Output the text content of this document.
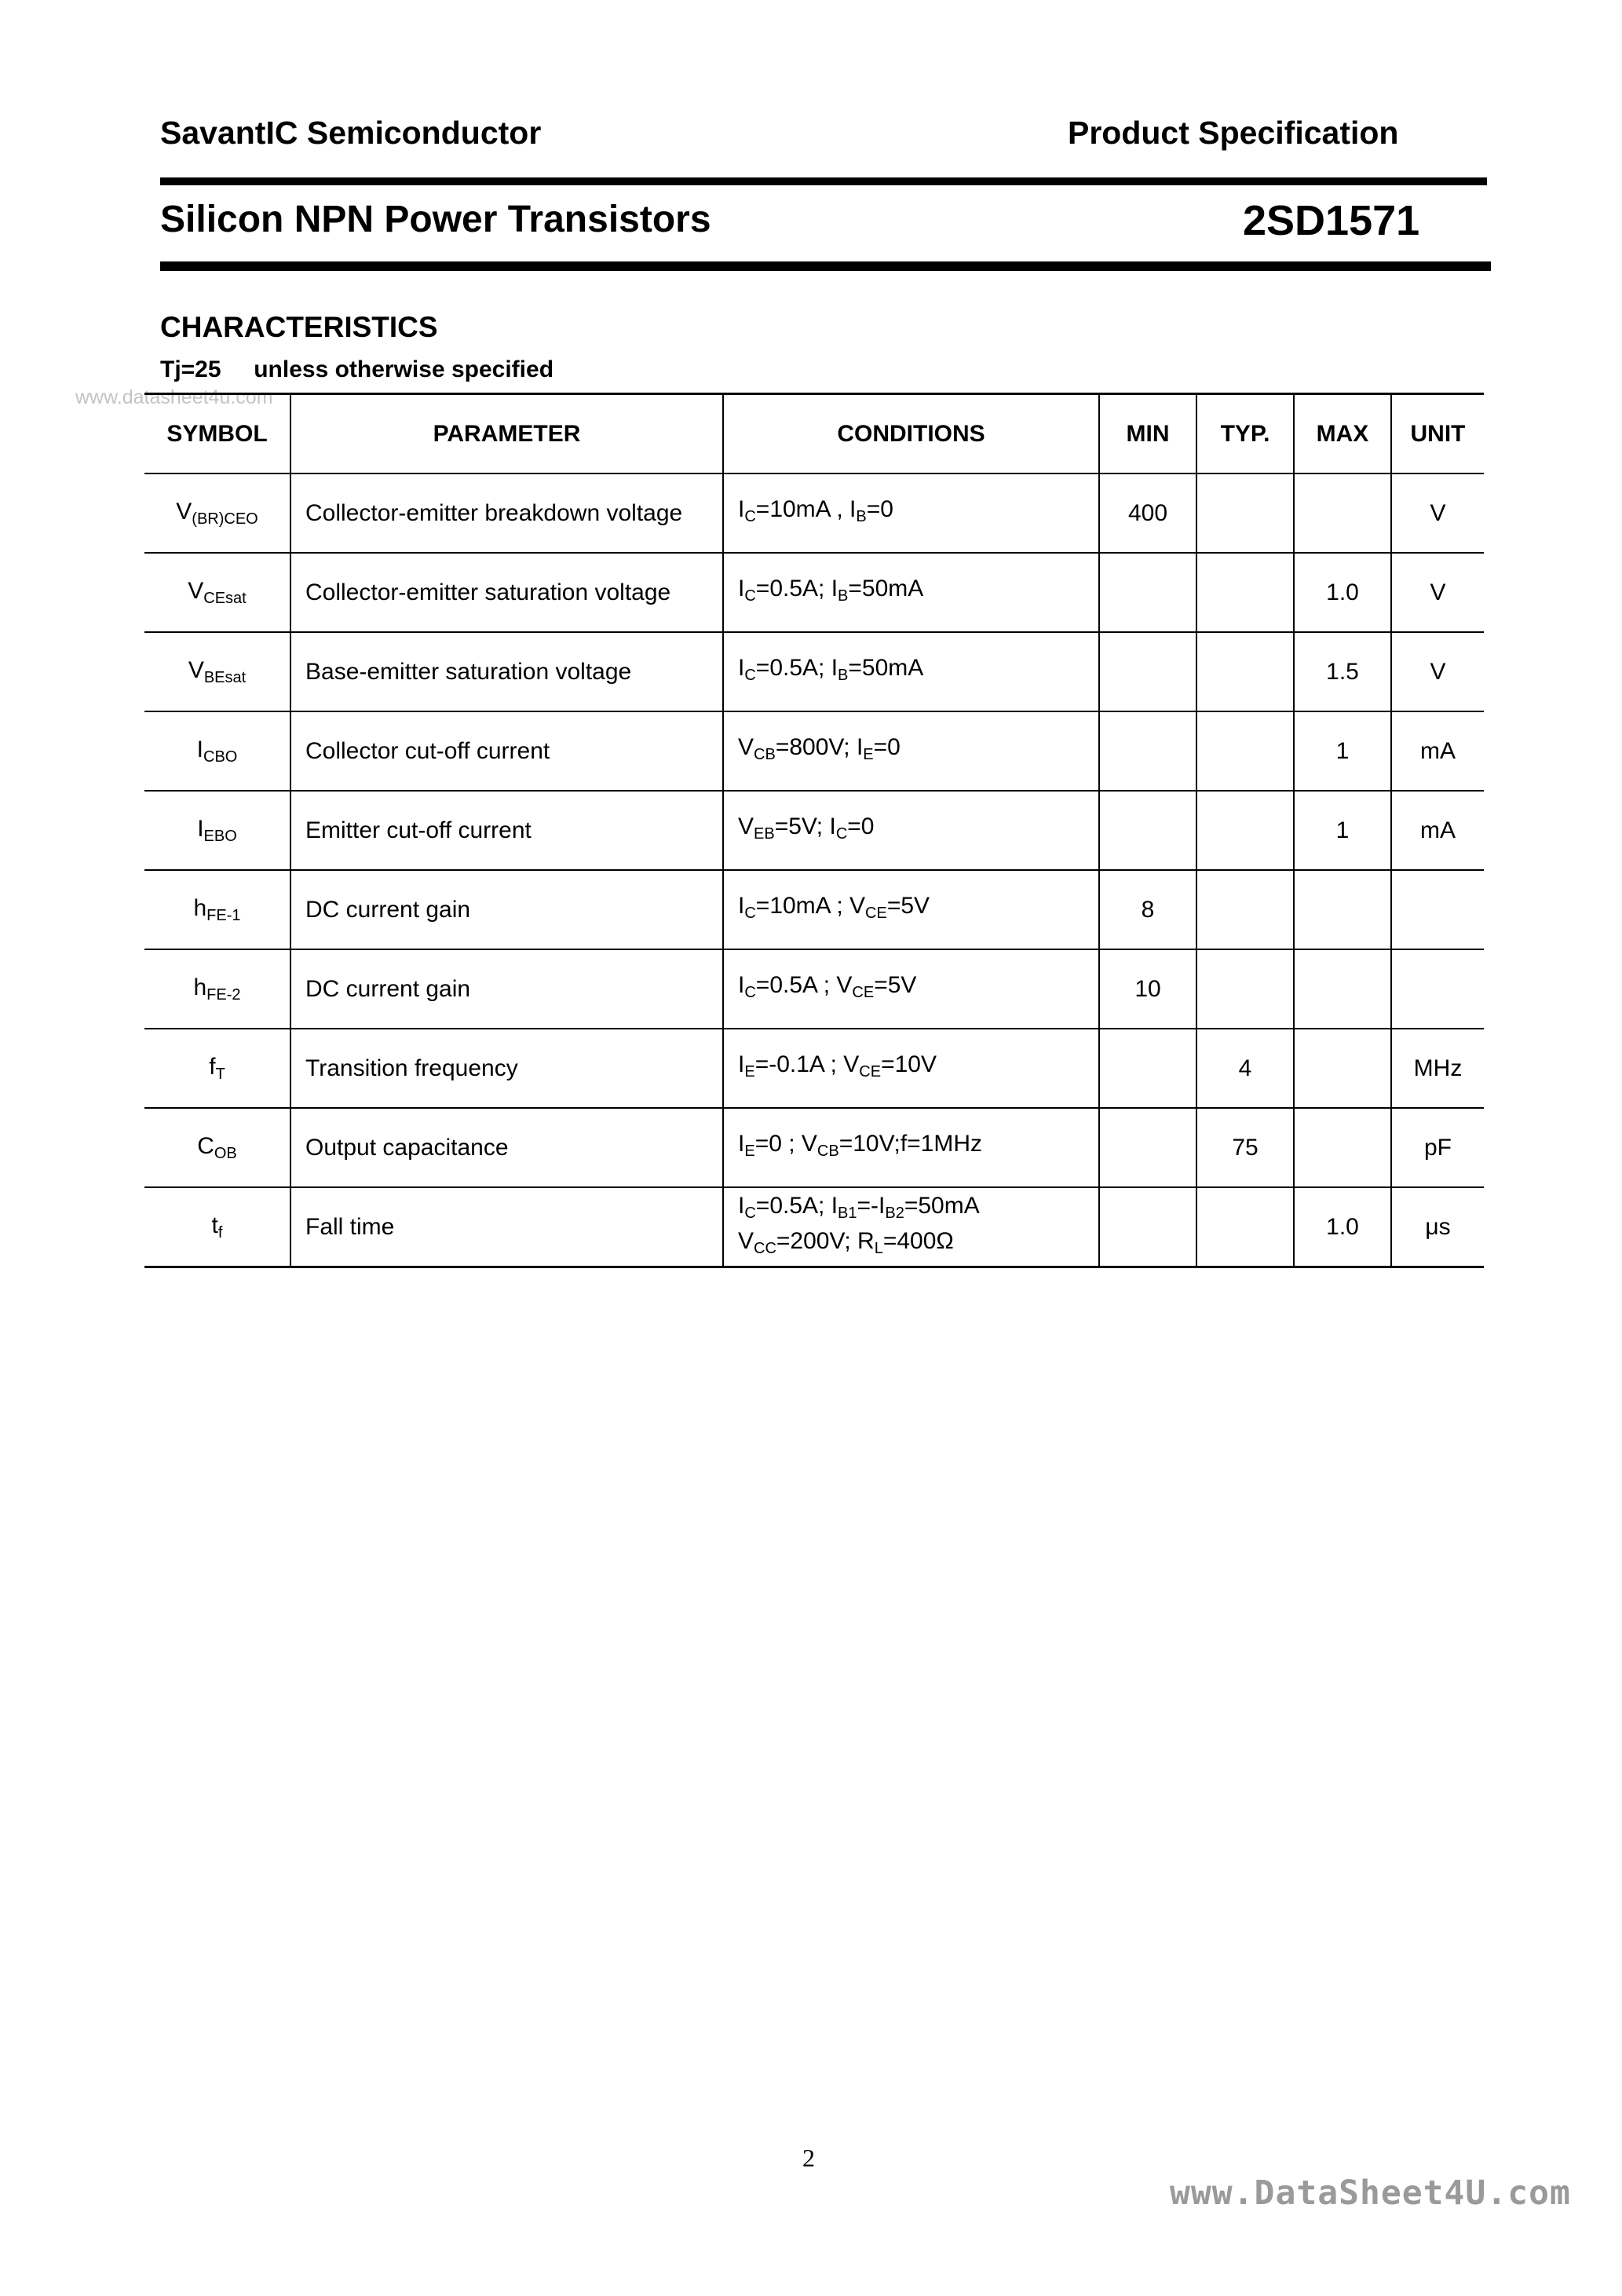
SavantIC Semiconductor	Product Specification
Silicon NPN Power Transistors	2SD1571
CHARACTERISTICS
Tj=25     unless otherwise specified
www.datasheet4u.com
SYMBOL	PARAMETER	CONDITIONS	MIN	TYP.	MAX	UNIT
$V_{(BR)CEO}$	Collector-emitter breakdown voltage	$I_C=10mA$ , $I_B=0$	400			V
$V_{CEsat}$	Collector-emitter saturation voltage	$I_C=0.5A$; $I_B=50mA$			1.0	V
$V_{BEsat}$	Base-emitter saturation voltage	$I_C=0.5A$; $I_B=50mA$			1.5	V
$I_{CBO}$	Collector cut-off current	$V_{CB}=800V$; $I_E=0$			1	mA
$I_{EBO}$	Emitter cut-off current	$V_{EB}=5V$; $I_C=0$			1	mA
$h_{FE-1}$	DC current gain	$I_C=10mA$ ; $V_{CE}=5V$	8			
$h_{FE-2}$	DC current gain	$I_C=0.5A$ ; $V_{CE}=5V$	10			
$f_T$	Transition frequency	$I_E=-0.1A$ ; $V_{CE}=10V$		4		MHz
$C_{OB}$	Output capacitance	$I_E=0$ ; $V_{CB}=10V;f=1MHz$		75		pF
$t_f$	Fall time	$I_C=0.5A$; $I_{B1}=-I_{B2}=50mA$
$V_{CC}=200V$; $R_L=400\Omega$			1.0	μs
2
www.DataSheet4U.com
